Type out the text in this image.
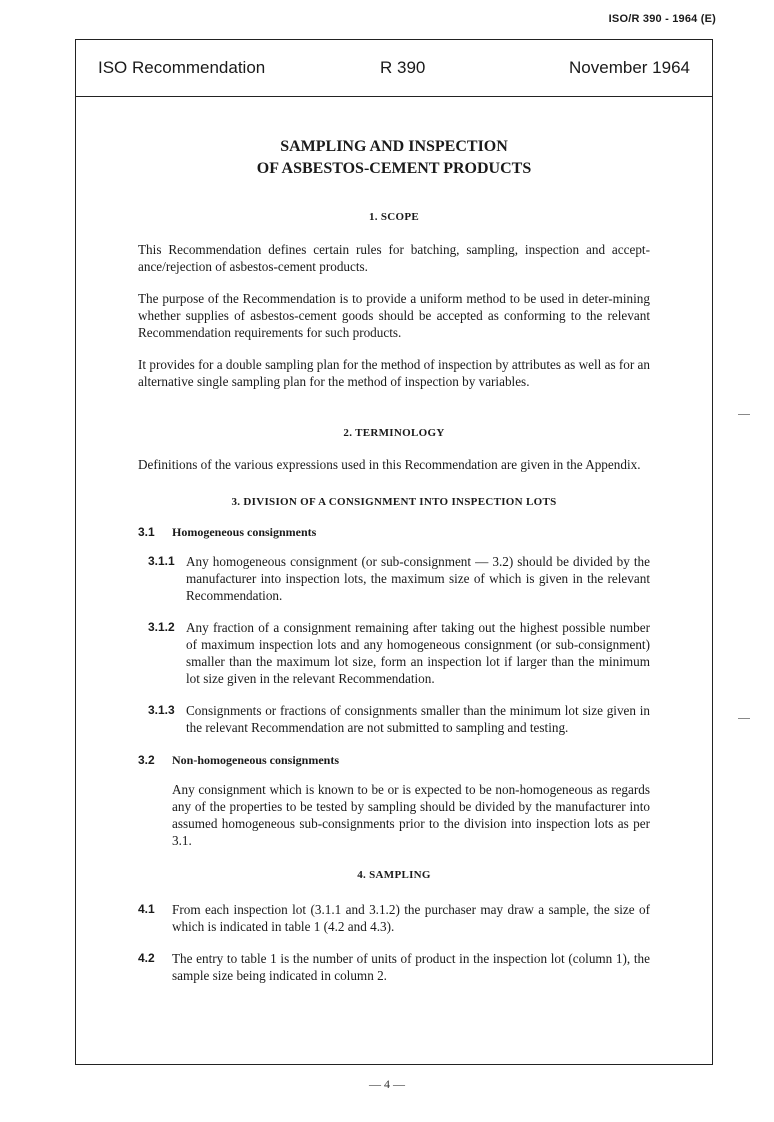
ISO/R 390 - 1964 (E)
ISO Recommendation	R 390	November 1964
SAMPLING AND INSPECTION
OF ASBESTOS-CEMENT PRODUCTS
1. SCOPE

This Recommendation defines certain rules for batching, sampling, inspection and accept-ance/rejection of asbestos-cement products.

The purpose of the Recommendation is to provide a uniform method to be used in deter-mining whether supplies of asbestos-cement goods should be accepted as conforming to the relevant Recommendation requirements for such products.

It provides for a double sampling plan for the method of inspection by attributes as well as for an alternative single sampling plan for the method of inspection by variables.

2. TERMINOLOGY

Definitions of the various expressions used in this Recommendation are given in the Appendix.

3. DIVISION OF A CONSIGNMENT INTO INSPECTION LOTS
3.1 Homogeneous consignments
3.1.1 Any homogeneous consignment (or sub-consignment — 3.2) should be divided by the manufacturer into inspection lots, the maximum size of which is given in the relevant Recommendation.
3.1.2 Any fraction of a consignment remaining after taking out the highest possible number of maximum inspection lots and any homogeneous consignment (or sub-consignment) smaller than the maximum lot size, form an inspection lot if larger than the minimum lot size given in the relevant Recommendation.
3.1.3 Consignments or fractions of consignments smaller than the minimum lot size given in the relevant Recommendation are not submitted to sampling and testing.
3.2 Non-homogeneous consignments

Any consignment which is known to be or is expected to be non-homogeneous as regards any of the properties to be tested by sampling should be divided by the manufacturer into assumed homogeneous sub-consignments prior to the division into inspection lots as per 3.1.

4. SAMPLING
4.1	From each inspection lot (3.1.1 and 3.1.2) the purchaser may draw a sample, the size of which is indicated in table 1 (4.2 and 4.3).
4.2	The entry to table 1 is the number of units of product in the inspection lot (column 1), the sample size being indicated in column 2.
— 4 —
